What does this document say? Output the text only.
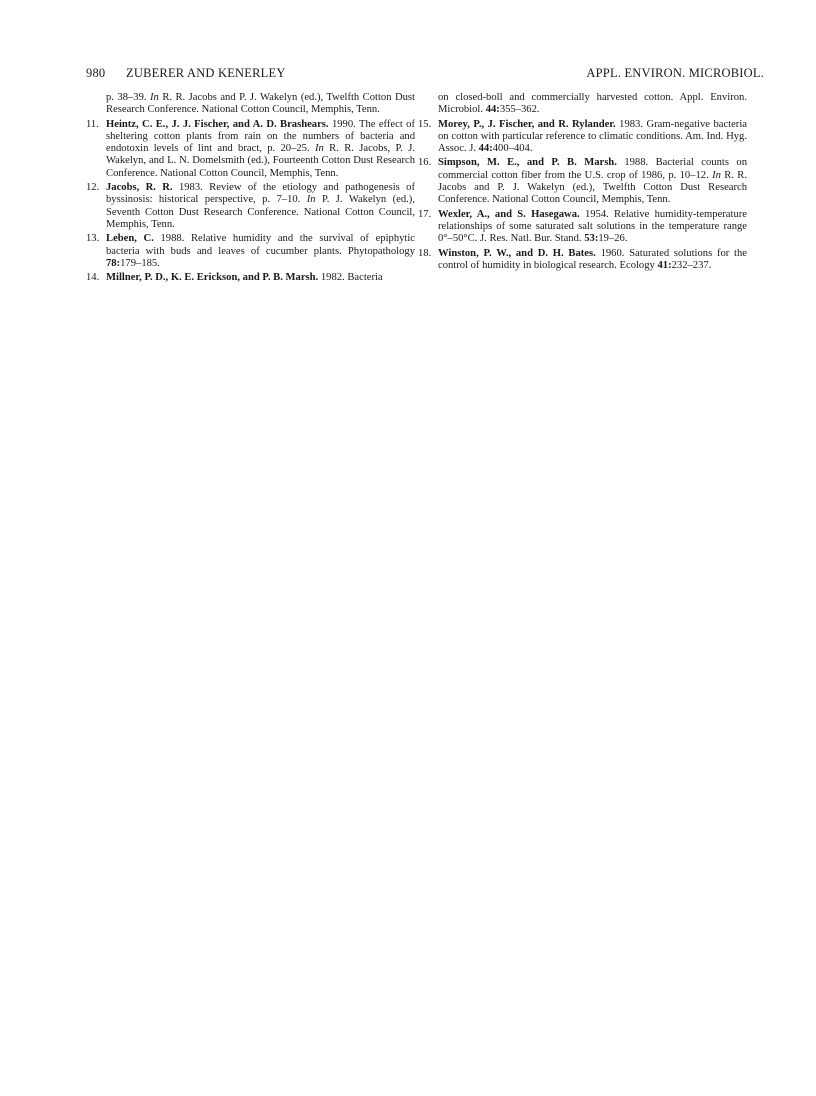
980 ZUBERER AND KENERLEY	APPL. ENVIRON. MICROBIOL.
p. 38–39. In R. R. Jacobs and P. J. Wakelyn (ed.), Twelfth Cotton Dust Research Conference. National Cotton Council, Memphis, Tenn.
11. Heintz, C. E., J. J. Fischer, and A. D. Brashears. 1990. The effect of sheltering cotton plants from rain on the numbers of bacteria and endotoxin levels of lint and bract, p. 20–25. In R. R. Jacobs, P. J. Wakelyn, and L. N. Domelsmith (ed.), Fourteenth Cotton Dust Research Conference. National Cotton Council, Memphis, Tenn.
12. Jacobs, R. R. 1983. Review of the etiology and pathogenesis of byssinosis: historical perspective, p. 7–10. In P. J. Wakelyn (ed.), Seventh Cotton Dust Research Conference. National Cotton Council, Memphis, Tenn.
13. Leben, C. 1988. Relative humidity and the survival of epiphytic bacteria with buds and leaves of cucumber plants. Phytopathology 78:179–185.
14. Millner, P. D., K. E. Erickson, and P. B. Marsh. 1982. Bacteria
on closed-boll and commercially harvested cotton. Appl. Environ. Microbiol. 44:355–362.
15. Morey, P., J. Fischer, and R. Rylander. 1983. Gram-negative bacteria on cotton with particular reference to climatic conditions. Am. Ind. Hyg. Assoc. J. 44:400–404.
16. Simpson, M. E., and P. B. Marsh. 1988. Bacterial counts on commercial cotton fiber from the U.S. crop of 1986, p. 10–12. In R. R. Jacobs and P. J. Wakelyn (ed.), Twelfth Cotton Dust Research Conference. National Cotton Council, Memphis, Tenn.
17. Wexler, A., and S. Hasegawa. 1954. Relative humidity-temperature relationships of some saturated salt solutions in the temperature range 0°–50°C. J. Res. Natl. Bur. Stand. 53:19–26.
18. Winston, P. W., and D. H. Bates. 1960. Saturated solutions for the control of humidity in biological research. Ecology 41:232–237.
